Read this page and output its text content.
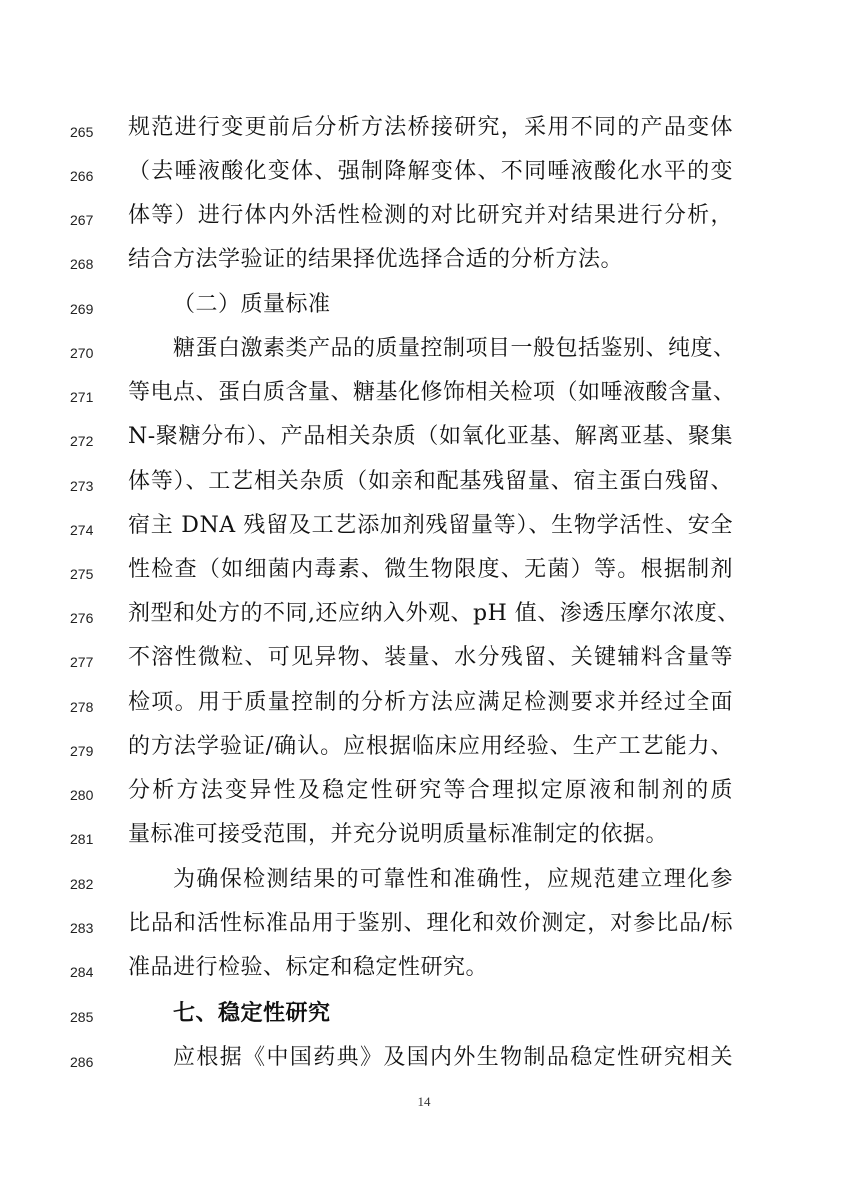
265	规范进行变更前后分析方法桥接研究，采用不同的产品变体
266	（去唾液酸化变体、强制降解变体、不同唾液酸化水平的变
267	体等）进行体内外活性检测的对比研究并对结果进行分析，
268	结合方法学验证的结果择优选择合适的分析方法。
269	（二）质量标准
270	糖蛋白激素类产品的质量控制项目一般包括鉴别、纯度、
271	等电点、蛋白质含量、糖基化修饰相关检项（如唾液酸含量、
272	N-聚糖分布）、产品相关杂质（如氧化亚基、解离亚基、聚集
273	体等）、工艺相关杂质（如亲和配基残留量、宿主蛋白残留、
274	宿主 DNA 残留及工艺添加剂残留量等）、生物学活性、安全
275	性检查（如细菌内毒素、微生物限度、无菌）等。根据制剂
276	剂型和处方的不同,还应纳入外观、pH 值、渗透压摩尔浓度、
277	不溶性微粒、可见异物、装量、水分残留、关键辅料含量等
278	检项。用于质量控制的分析方法应满足检测要求并经过全面
279	的方法学验证/确认。应根据临床应用经验、生产工艺能力、
280	分析方法变异性及稳定性研究等合理拟定原液和制剂的质
281	量标准可接受范围，并充分说明质量标准制定的依据。
282	为确保检测结果的可靠性和准确性，应规范建立理化参
283	比品和活性标准品用于鉴别、理化和效价测定，对参比品/标
284	准品进行检验、标定和稳定性研究。
285	七、稳定性研究
286	应根据《中国药典》及国内外生物制品稳定性研究相关
14
